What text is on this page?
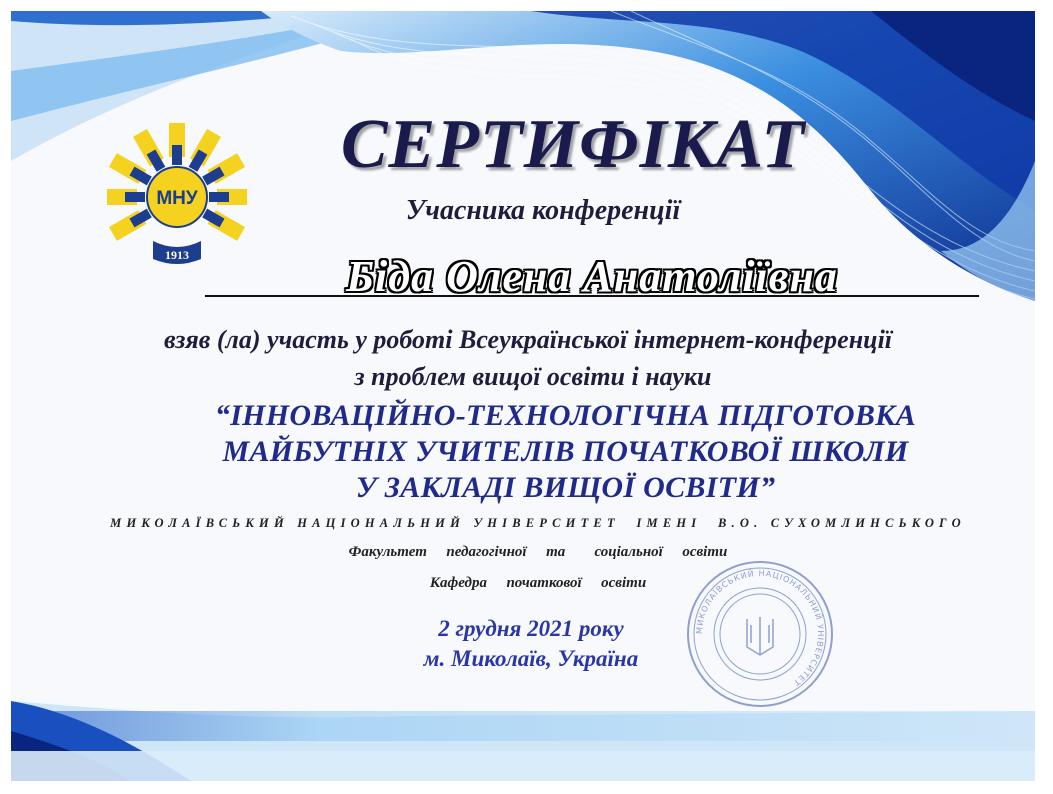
МНУ
1913
СЕРТИФІКАТ
Учасника конференції
Біда Олена Анатоліївна
взяв (ла) участь у роботі Всеукраїнської інтернет-конференції
з проблем вищої освіти і науки
“ІННОВАЦІЙНО-ТЕХНОЛОГІЧНА ПІДГОТОВКА
МАЙБУТНІХ УЧИТЕЛІВ ПОЧАТКОВОЇ ШКОЛИ
У ЗАКЛАДІ ВИЩОЇ ОСВІТИ”
МИКОЛАЇВСЬКИЙ НАЦІОНАЛЬНИЙ УНІВЕРСИТЕТ  ІМЕНІ  В.О. СУХОМЛИНСЬКОГО
Факультет  педагогічної  та   соціальної  освіти
Кафедра  початкової  освіти
2 грудня 2021 року
м. Миколаїв, Україна
МИКОЛАЇВСЬКИЙ НАЦІОНАЛЬНИЙ УНІВЕРСИТЕТ
